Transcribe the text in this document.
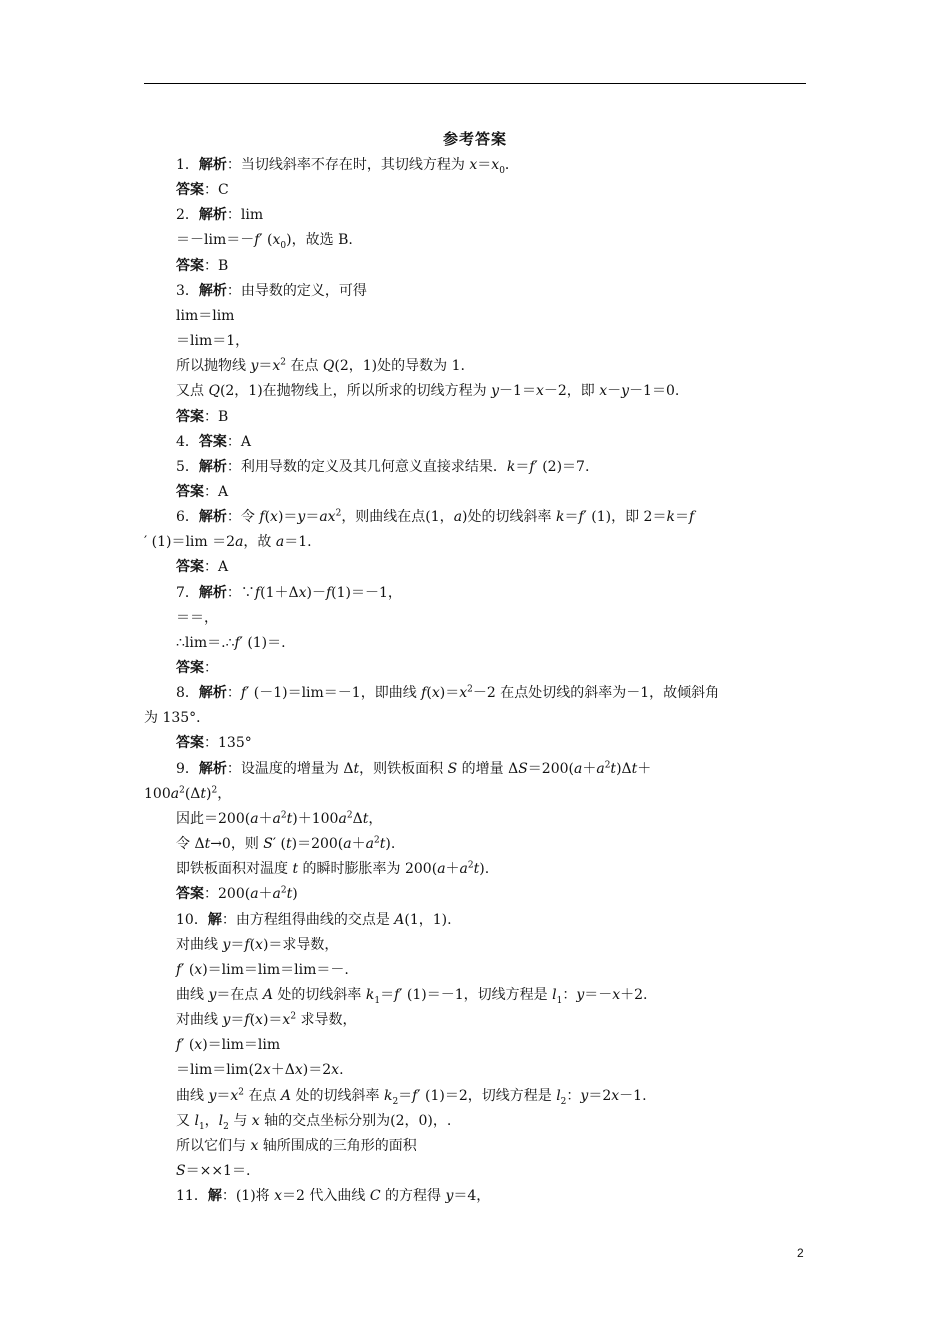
参考答案
1．解析：当切线斜率不存在时，其切线方程为 $x=x_0$．
答案：C
2．解析：lim
＝－lim＝－f′ $(x_0)$，故选 B.
答案：B
3．解析：由导数的定义，可得
lim＝lim
＝lim＝1，
所以抛物线 $y=x^2$ 在点 Q(2，1)处的导数为 1.
又点 Q(2，1)在抛物线上，所以所求的切线方程为 y－1＝x－2，即 x－y－1＝0.
答案：B
4．答案：A
5．解析：利用导数的定义及其几何意义直接求结果．k＝f′ (2)＝7.
答案：A
6．解析：令 $f(x)=y=ax^2$，则曲线在点(1，a)处的切线斜率 k＝f′ (1)，即 2＝k＝f
′ (1)＝lim ＝2a，故 a＝1.
答案：A
7．解析：∵f(1＋Δx)－f(1)＝－1，
＝＝，
∴lim＝.∴f′ (1)＝.
答案：
8．解析：f′ (－1)＝lim＝－1，即曲线 $f(x)=x^2-2$ 在点处切线的斜率为－1，故倾斜角
为 135°．
答案：135°
9．解析：设温度的增量为 Δt，则铁板面积 S 的增量 $\Delta S=200(a+a^2t)\Delta t+$
$100a^2(\Delta t)^2$，
因此$=200(a+a^2t)+100a^2\Delta t$，
令 Δt→0，则 S′ $(t)=200(a+a^2t)$.
即铁板面积对温度 t 的瞬时膨胀率为 $200(a+a^2t)$.
答案：$200(a+a^2t)$
10．解：由方程组得曲线的交点是 A(1，1).
对曲线 y＝f(x)＝求导数，
f′ (x)＝lim＝lim＝lim＝－.
曲线 y＝在点 A 处的切线斜率 $k_1=f'$ (1)＝－1，切线方程是 $l_1$：y＝－x＋2.
对曲线 $y=f(x)=x^2$ 求导数，
f′ (x)＝lim＝lim
＝lim＝lim(2x＋Δx)＝2x.
曲线 $y=x^2$ 在点 A 处的切线斜率 $k_2=f'$ (1)＝2，切线方程是 $l_2$：y＝2x－1.
又 $l_1$，$l_2$ 与 x 轴的交点坐标分别为(2，0)，.
所以它们与 x 轴所围成的三角形的面积
S＝××1＝.
11．解：(1)将 x＝2 代入曲线 C 的方程得 y＝4，
2
